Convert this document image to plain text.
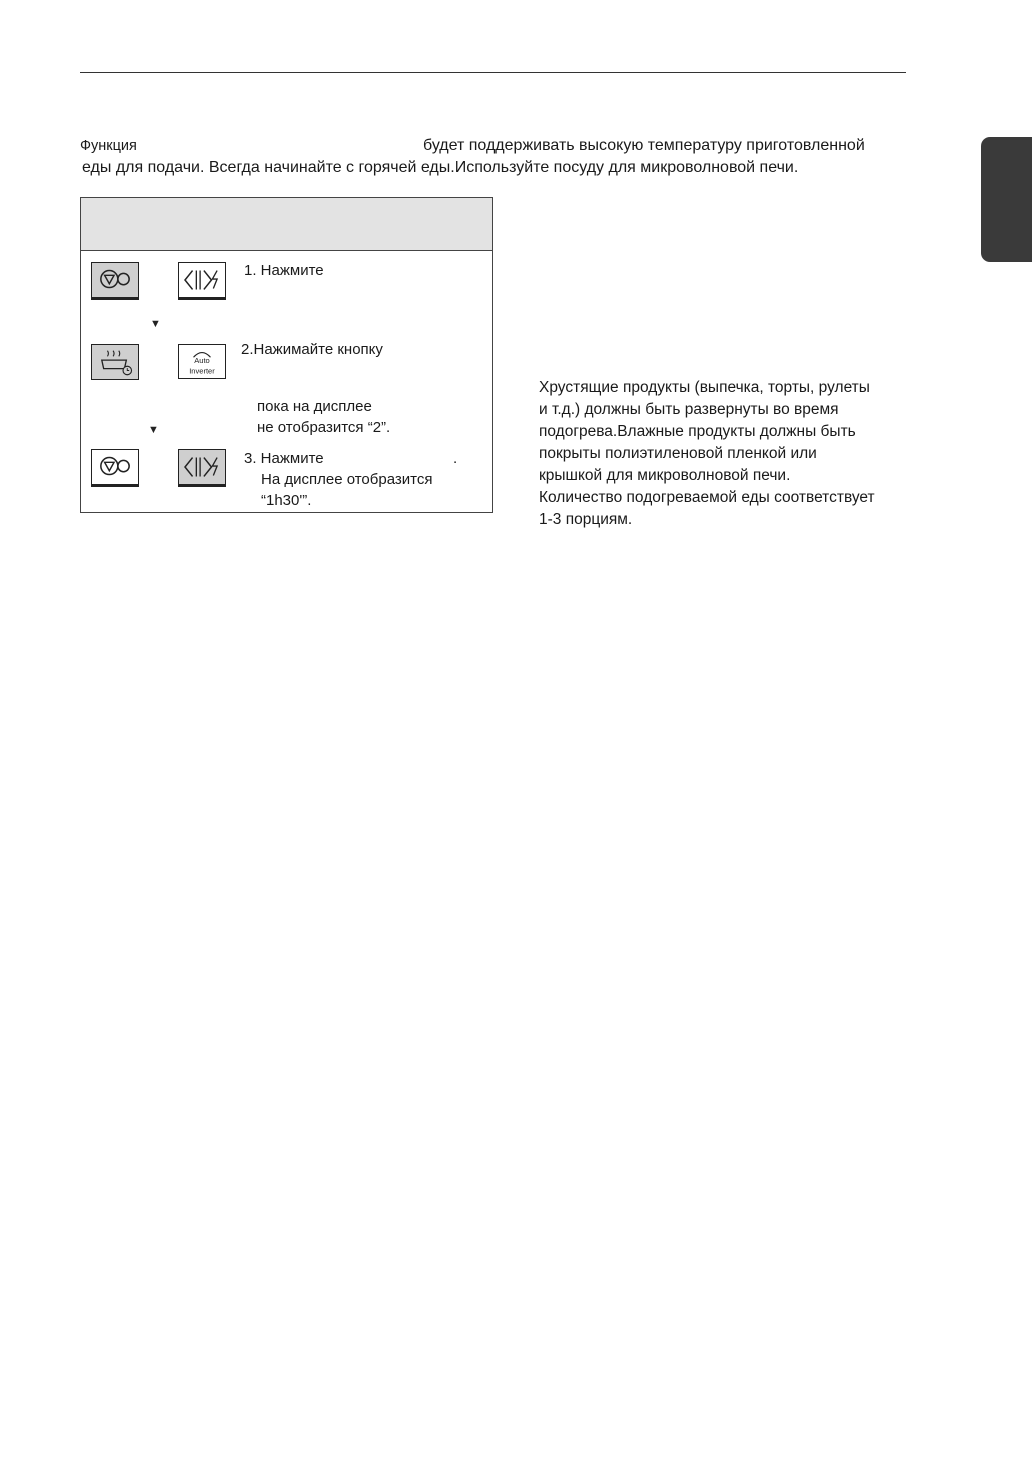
Функция	будет поддерживать высокую температуру приготовленной
еды для подачи. Всегда начинайте с горячей еды.Используйте посуду для микроволновой печи.
1. Нажмите
▼
Auto
Inverter
2.Нажимайте кнопку
пока на дисплее
не отобразится “2”.
▼
3. Нажмите	.
На дисплее отобразится
“1h30'”.
Хрустящие продукты (выпечка, торты, рулеты
и т.д.) должны быть развернуты во время
подогрева.Влажные продукты должны быть
покрыты полиэтиленовой пленкой или
крышкой для микроволновой печи.
Количество подогреваемой еды соответствует
1-3 порциям.
